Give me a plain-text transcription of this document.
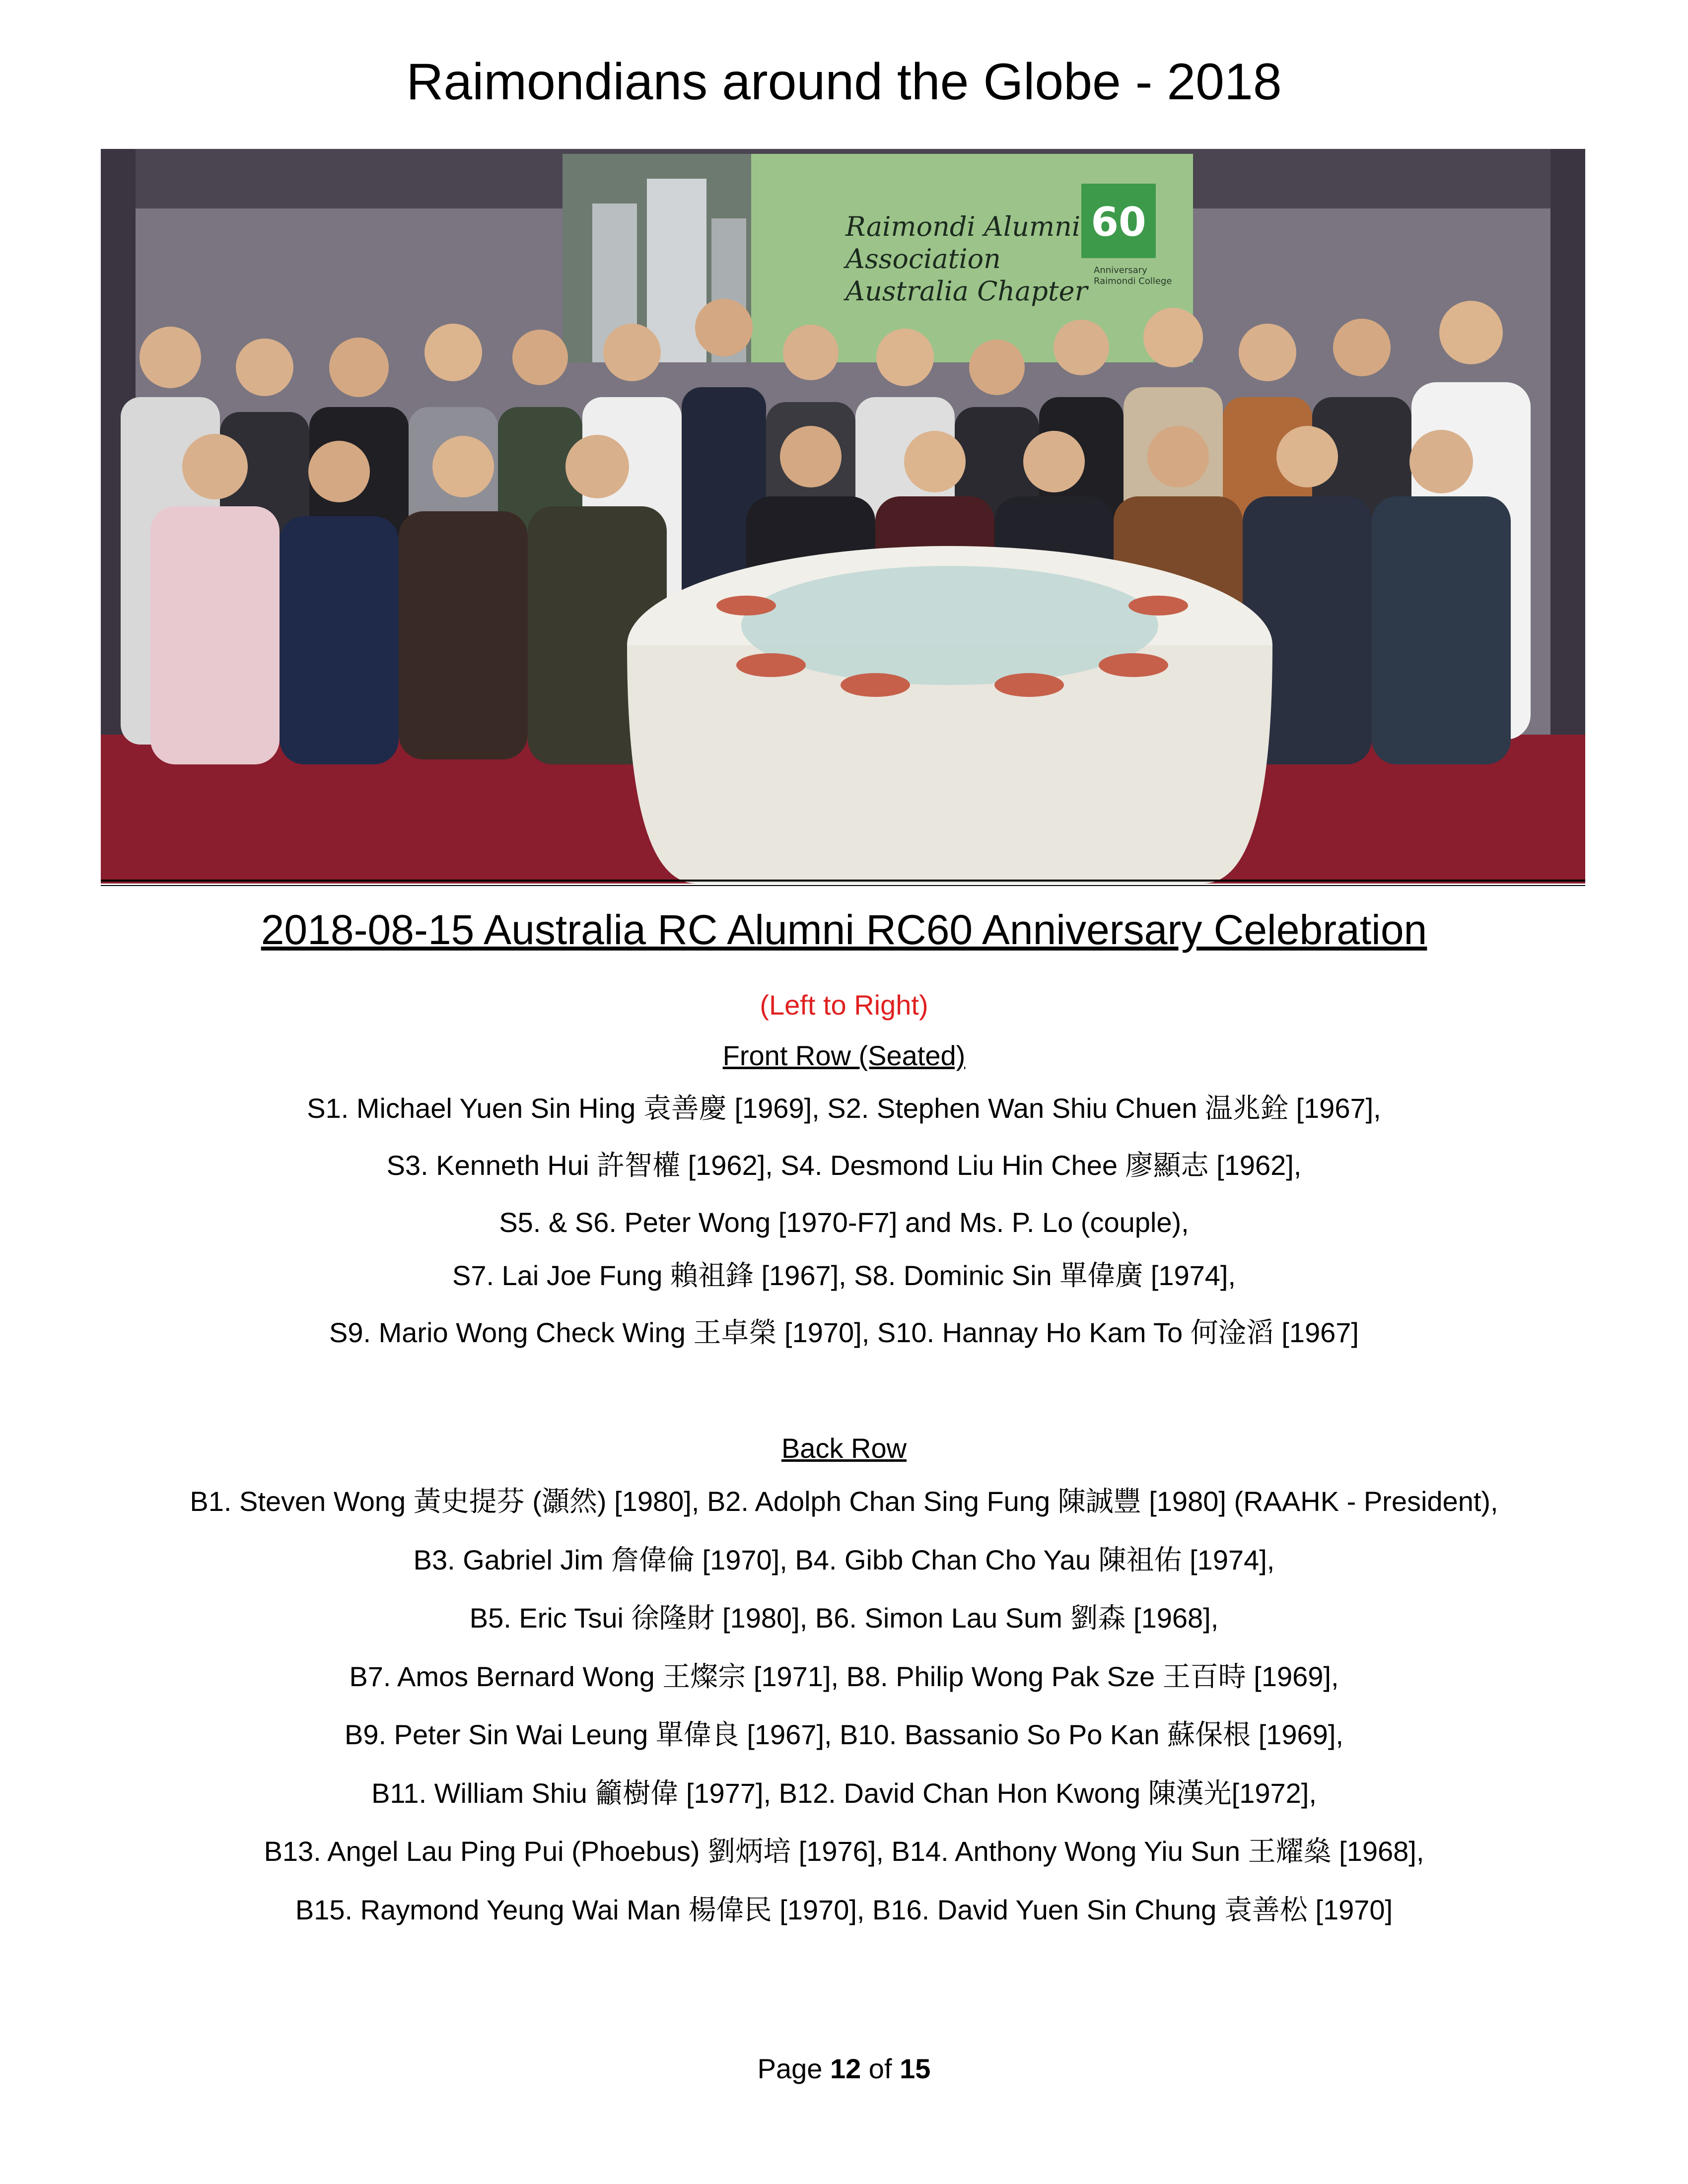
Raimondians around the Globe - 2018
Raimondi Alumni
Association
Australia Chapter
60
Anniversary
Raimondi College
2018-08-15 Australia RC Alumni RC60 Anniversary Celebration
(Left to Right)
Front Row (Seated)
S1. Michael Yuen Sin Hing 袁善慶 [1969], S2. Stephen Wan Shiu Chuen 温兆銓 [1967],
S3. Kenneth Hui 許智權 [1962], S4. Desmond Liu Hin Chee 廖顯志 [1962],
S5. & S6. Peter Wong [1970-F7] and Ms. P. Lo (couple),
S7. Lai Joe Fung 賴祖鋒 [1967], S8. Dominic Sin 單偉廣 [1974],
S9. Mario Wong Check Wing 王卓榮 [1970], S10. Hannay Ho Kam To 何淦滔 [1967]
Back Row
B1. Steven Wong 黃史提芬 (灝然) [1980], B2. Adolph Chan Sing Fung 陳誠豐 [1980] (RAAHK - President),
B3. Gabriel Jim 詹偉倫 [1970], B4. Gibb Chan Cho Yau 陳祖佑 [1974],
B5. Eric Tsui 徐隆財 [1980], B6. Simon Lau Sum 劉森 [1968],
B7. Amos Bernard Wong 王燦宗 [1971], B8. Philip Wong Pak Sze 王百時 [1969],
B9. Peter Sin Wai Leung 單偉良 [1967], B10. Bassanio So Po Kan 蘇保根 [1969],
B11. William Shiu 籲樹偉 [1977], B12. David Chan Hon Kwong 陳漢光[1972],
B13. Angel Lau Ping Pui (Phoebus) 劉炳培 [1976], B14. Anthony Wong Yiu Sun 王耀燊 [1968],
B15. Raymond Yeung Wai Man 楊偉民 [1970], B16. David Yuen Sin Chung 袁善松 [1970]
Page 12 of 15
